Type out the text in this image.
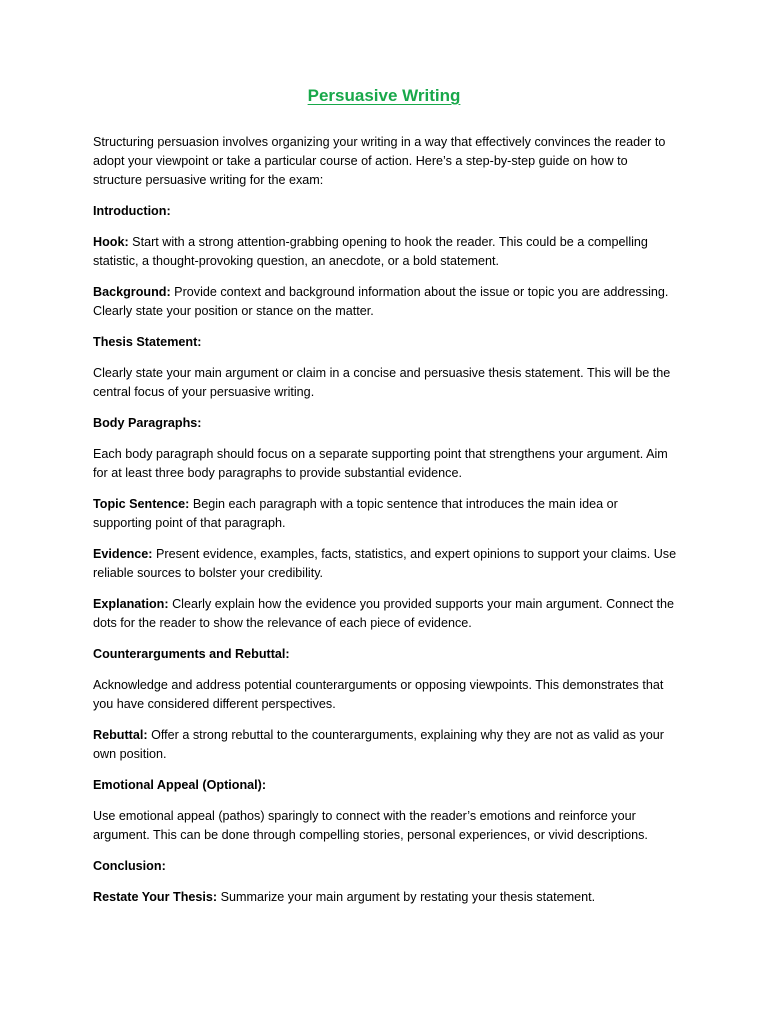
Persuasive Writing

Structuring persuasion involves organizing your writing in a way that effectively convinces the reader to adopt your viewpoint or take a particular course of action. Here’s a step-by-step guide on how to structure persuasive writing for the exam:

Introduction:

Hook: Start with a strong attention-grabbing opening to hook the reader. This could be a compelling statistic, a thought-provoking question, an anecdote, or a bold statement.

Background: Provide context and background information about the issue or topic you are addressing. Clearly state your position or stance on the matter.

Thesis Statement:

Clearly state your main argument or claim in a concise and persuasive thesis statement. This will be the central focus of your persuasive writing.

Body Paragraphs:

Each body paragraph should focus on a separate supporting point that strengthens your argument. Aim for at least three body paragraphs to provide substantial evidence.

Topic Sentence: Begin each paragraph with a topic sentence that introduces the main idea or supporting point of that paragraph.

Evidence: Present evidence, examples, facts, statistics, and expert opinions to support your claims. Use reliable sources to bolster your credibility.

Explanation: Clearly explain how the evidence you provided supports your main argument. Connect the dots for the reader to show the relevance of each piece of evidence.

Counterarguments and Rebuttal:

Acknowledge and address potential counterarguments or opposing viewpoints. This demonstrates that you have considered different perspectives.

Rebuttal: Offer a strong rebuttal to the counterarguments, explaining why they are not as valid as your own position.

Emotional Appeal (Optional):

Use emotional appeal (pathos) sparingly to connect with the reader’s emotions and reinforce your argument. This can be done through compelling stories, personal experiences, or vivid descriptions.

Conclusion:

Restate Your Thesis: Summarize your main argument by restating your thesis statement.
